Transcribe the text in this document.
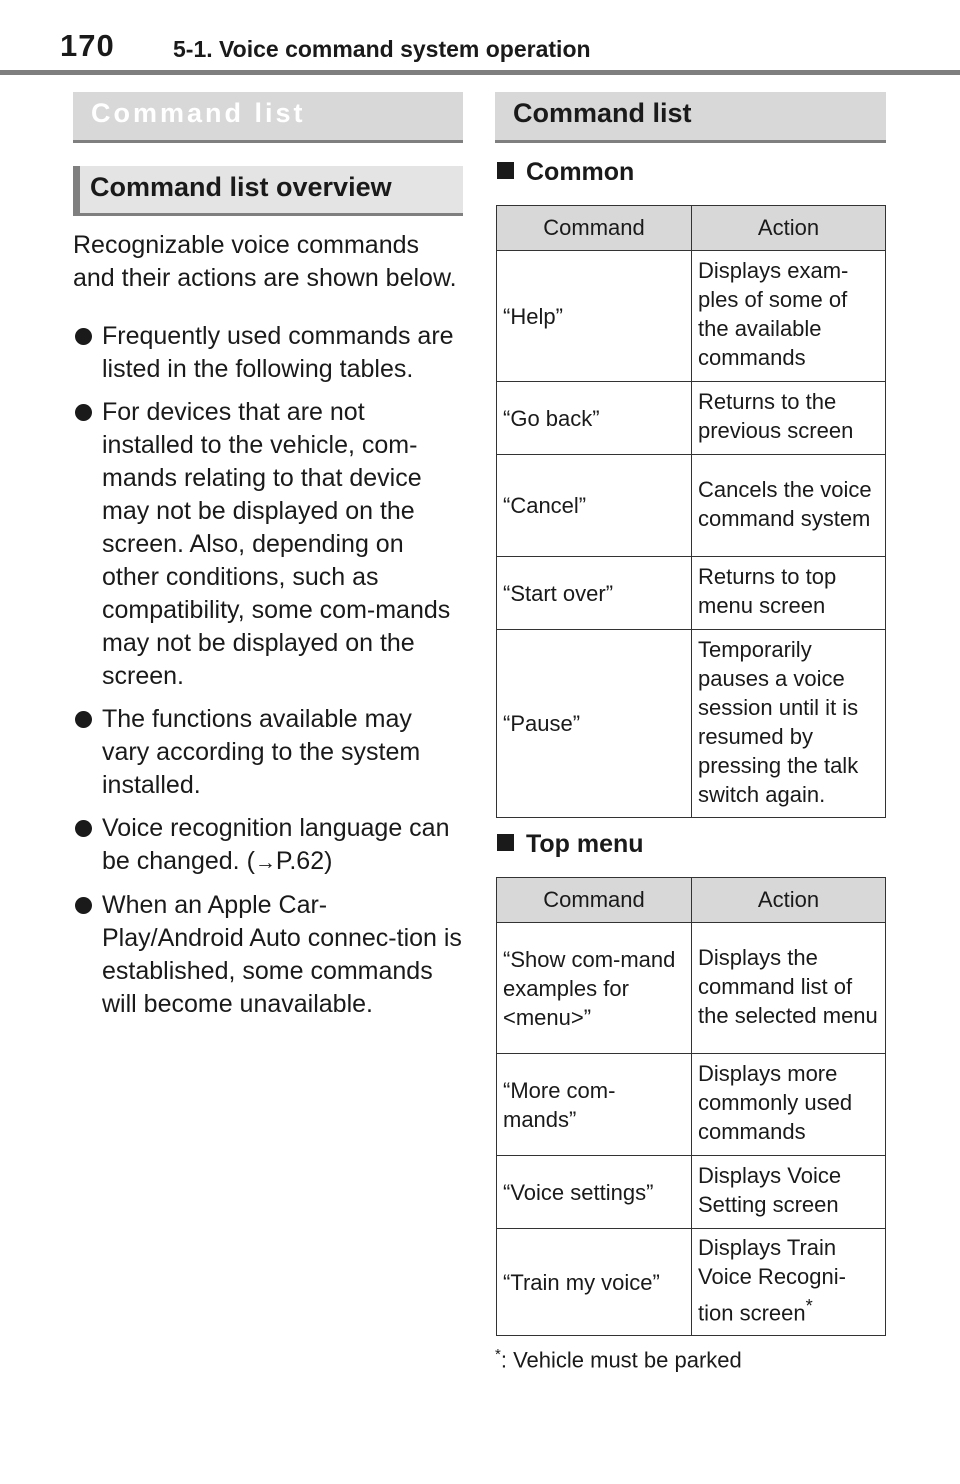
170	5-1. Voice command system operation
Command list
Command list overview

Recognizable voice commands and their actions are shown below.

Frequently used commands are listed in the following tables.
For devices that are not installed to the vehicle, com-mands relating to that device may not be displayed on the screen. Also, depending on other conditions, such as compatibility, some com-mands may not be displayed on the screen.
The functions available may vary according to the system installed.
Voice recognition language can be changed. (→P.62)
When an Apple Car-Play/Android Auto connec-tion is established, some commands will become unavailable.
Command list
Common
Command	Action
“Help”	Displays exam-ples of some of the available commands
“Go back”	Returns to the previous screen
“Cancel”	Cancels the voice command system
“Start over”	Returns to top menu screen
“Pause”	Temporarily pauses a voice session until it is resumed by pressing the talk switch again.
Top menu
Command	Action
“Show com-mand examples for <menu>”	Displays the command list of the selected menu
“More com-mands”	Displays more commonly used commands
“Voice settings”	Displays Voice Setting screen
“Train my voice”	Displays Train Voice Recogni-tion screen*
*: Vehicle must be parked
